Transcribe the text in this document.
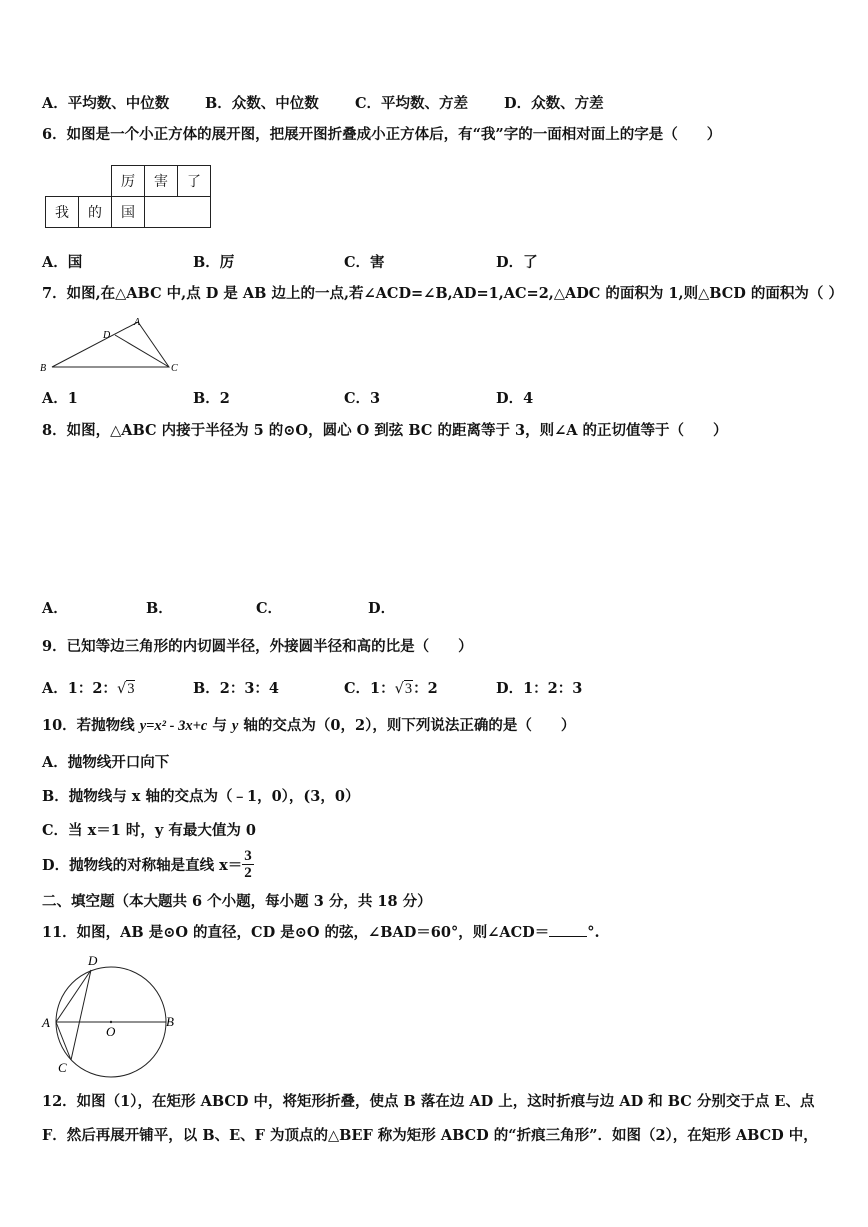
A．平均数、中位数 B．众数、中位数 C．平均数、方差 D．众数、方差
6．如图是一个小正方体的展开图，把展开图折叠成小正方体后，有“我”字的一面相对面上的字是（　　）
		厉	害	了
我	的	国		
A．国	B．厉	C．害	D．了
7．如图,在△ABC 中,点 D 是 AB 边上的一点,若∠ACD=∠B,AD=1,AC=2,△ADC 的面积为 1,则△BCD 的面积为（ ）
A
D
B	C
A．1	B．2	C．3	D．4
8．如图，△ABC 内接于半径为 5 的⊙O，圆心 O 到弦 BC 的距离等于 3，则∠A 的正切值等于（　　）
A．	B．	C．	D．
9．已知等边三角形的内切圆半径，外接圆半径和高的比是（　　）
A．1：2：√3	B．2：3：4	C．1：√3：2	D．1：2：3
10．若抛物线 y=x² - 3x+c 与 y 轴的交点为（0，2），则下列说法正确的是（　　）
A．抛物线开口向下
B．抛物线与 x 轴的交点为（﹣1，0），(3，0）
C．当 x＝1 时，y 有最大值为 0
D．抛物线的对称轴是直线 $x= \frac{3}{2}$
二、填空题（本大题共 6 个小题，每小题 3 分，共 18 分）
11．如图，AB 是⊙O 的直径，CD 是⊙O 的弦，∠BAD＝60°，则∠ACD＝	°.
D
A
O
B
C
12．如图（1），在矩形 ABCD 中，将矩形折叠，使点 B 落在边 AD 上，这时折痕与边 AD 和 BC 分别交于点 E、点
F．然后再展开铺平，以 B、E、F 为顶点的△BEF 称为矩形 ABCD 的“折痕三角形”．如图（2），在矩形 ABCD 中，
